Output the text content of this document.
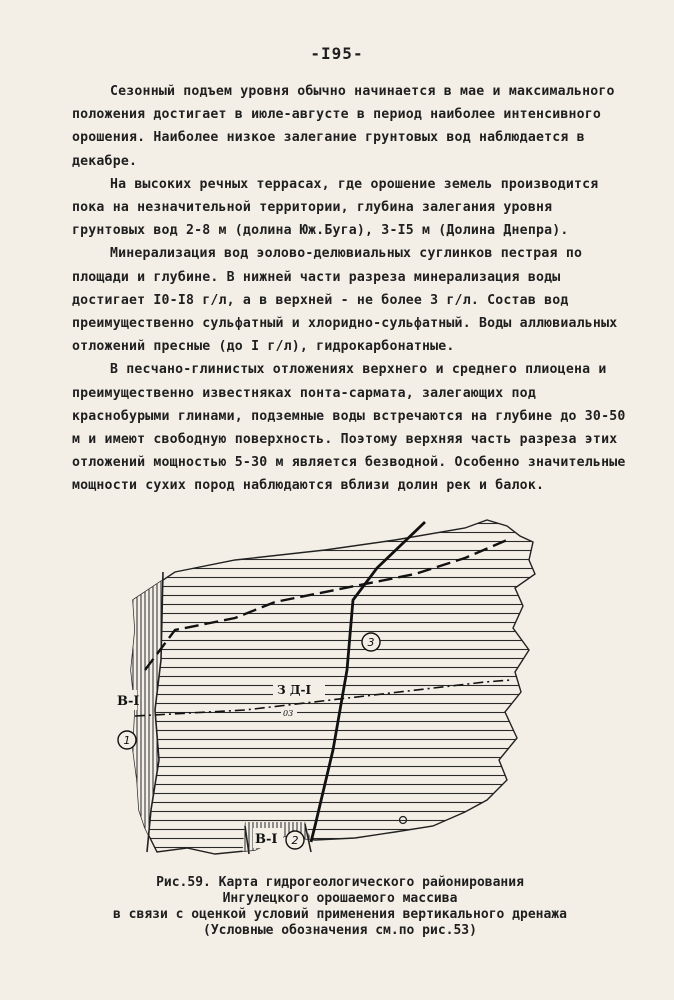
-I95-

Сезонный подъем уровня обычно начинается в мае и максимального положения достигает в июле-августе в период наиболее интенсивного орошения. Наиболее низкое залегание грунтовых вод наблюдается в декабре.

На высоких речных террасах, где орошение земель производится пока на незначительной территории, глубина залегания уровня грунтовых вод 2-8 м (долина Юж.Буга), 3-I5 м (Долина Днепра).

Минерализация вод эолово-делювиальных суглинков пестрая по площади и глубине. В нижней части разреза минерализация воды достигает I0-I8 г/л, а в верхней - не более 3 г/л. Состав вод преимущественно сульфатный и хлоридно-сульфатный. Воды аллювиальных отложений пресные (до I г/л), гидрокарбонатные.

В песчано-глинистых отложениях верхнего и среднего плиоцена и преимущественно известняках понта-сармата, залегающих под краснобурыми глинами, подземные воды встречаются на глубине до 30-50 м и имеют свободную поверхность. Поэтому верхняя часть разреза этих отложений мощностью 5-30 м является безводной. Особенно значительные мощности сухих пород наблюдаются вблизи долин рек и балок.

В-I
З Д-I
03
В-I
1
2
3
Рис.59. Карта гидрогеологического районирования
Ингулецкого орошаемого массива
в связи с оценкой условий применения вертикального дренажа
(Условные обозначения см.по рис.53)
